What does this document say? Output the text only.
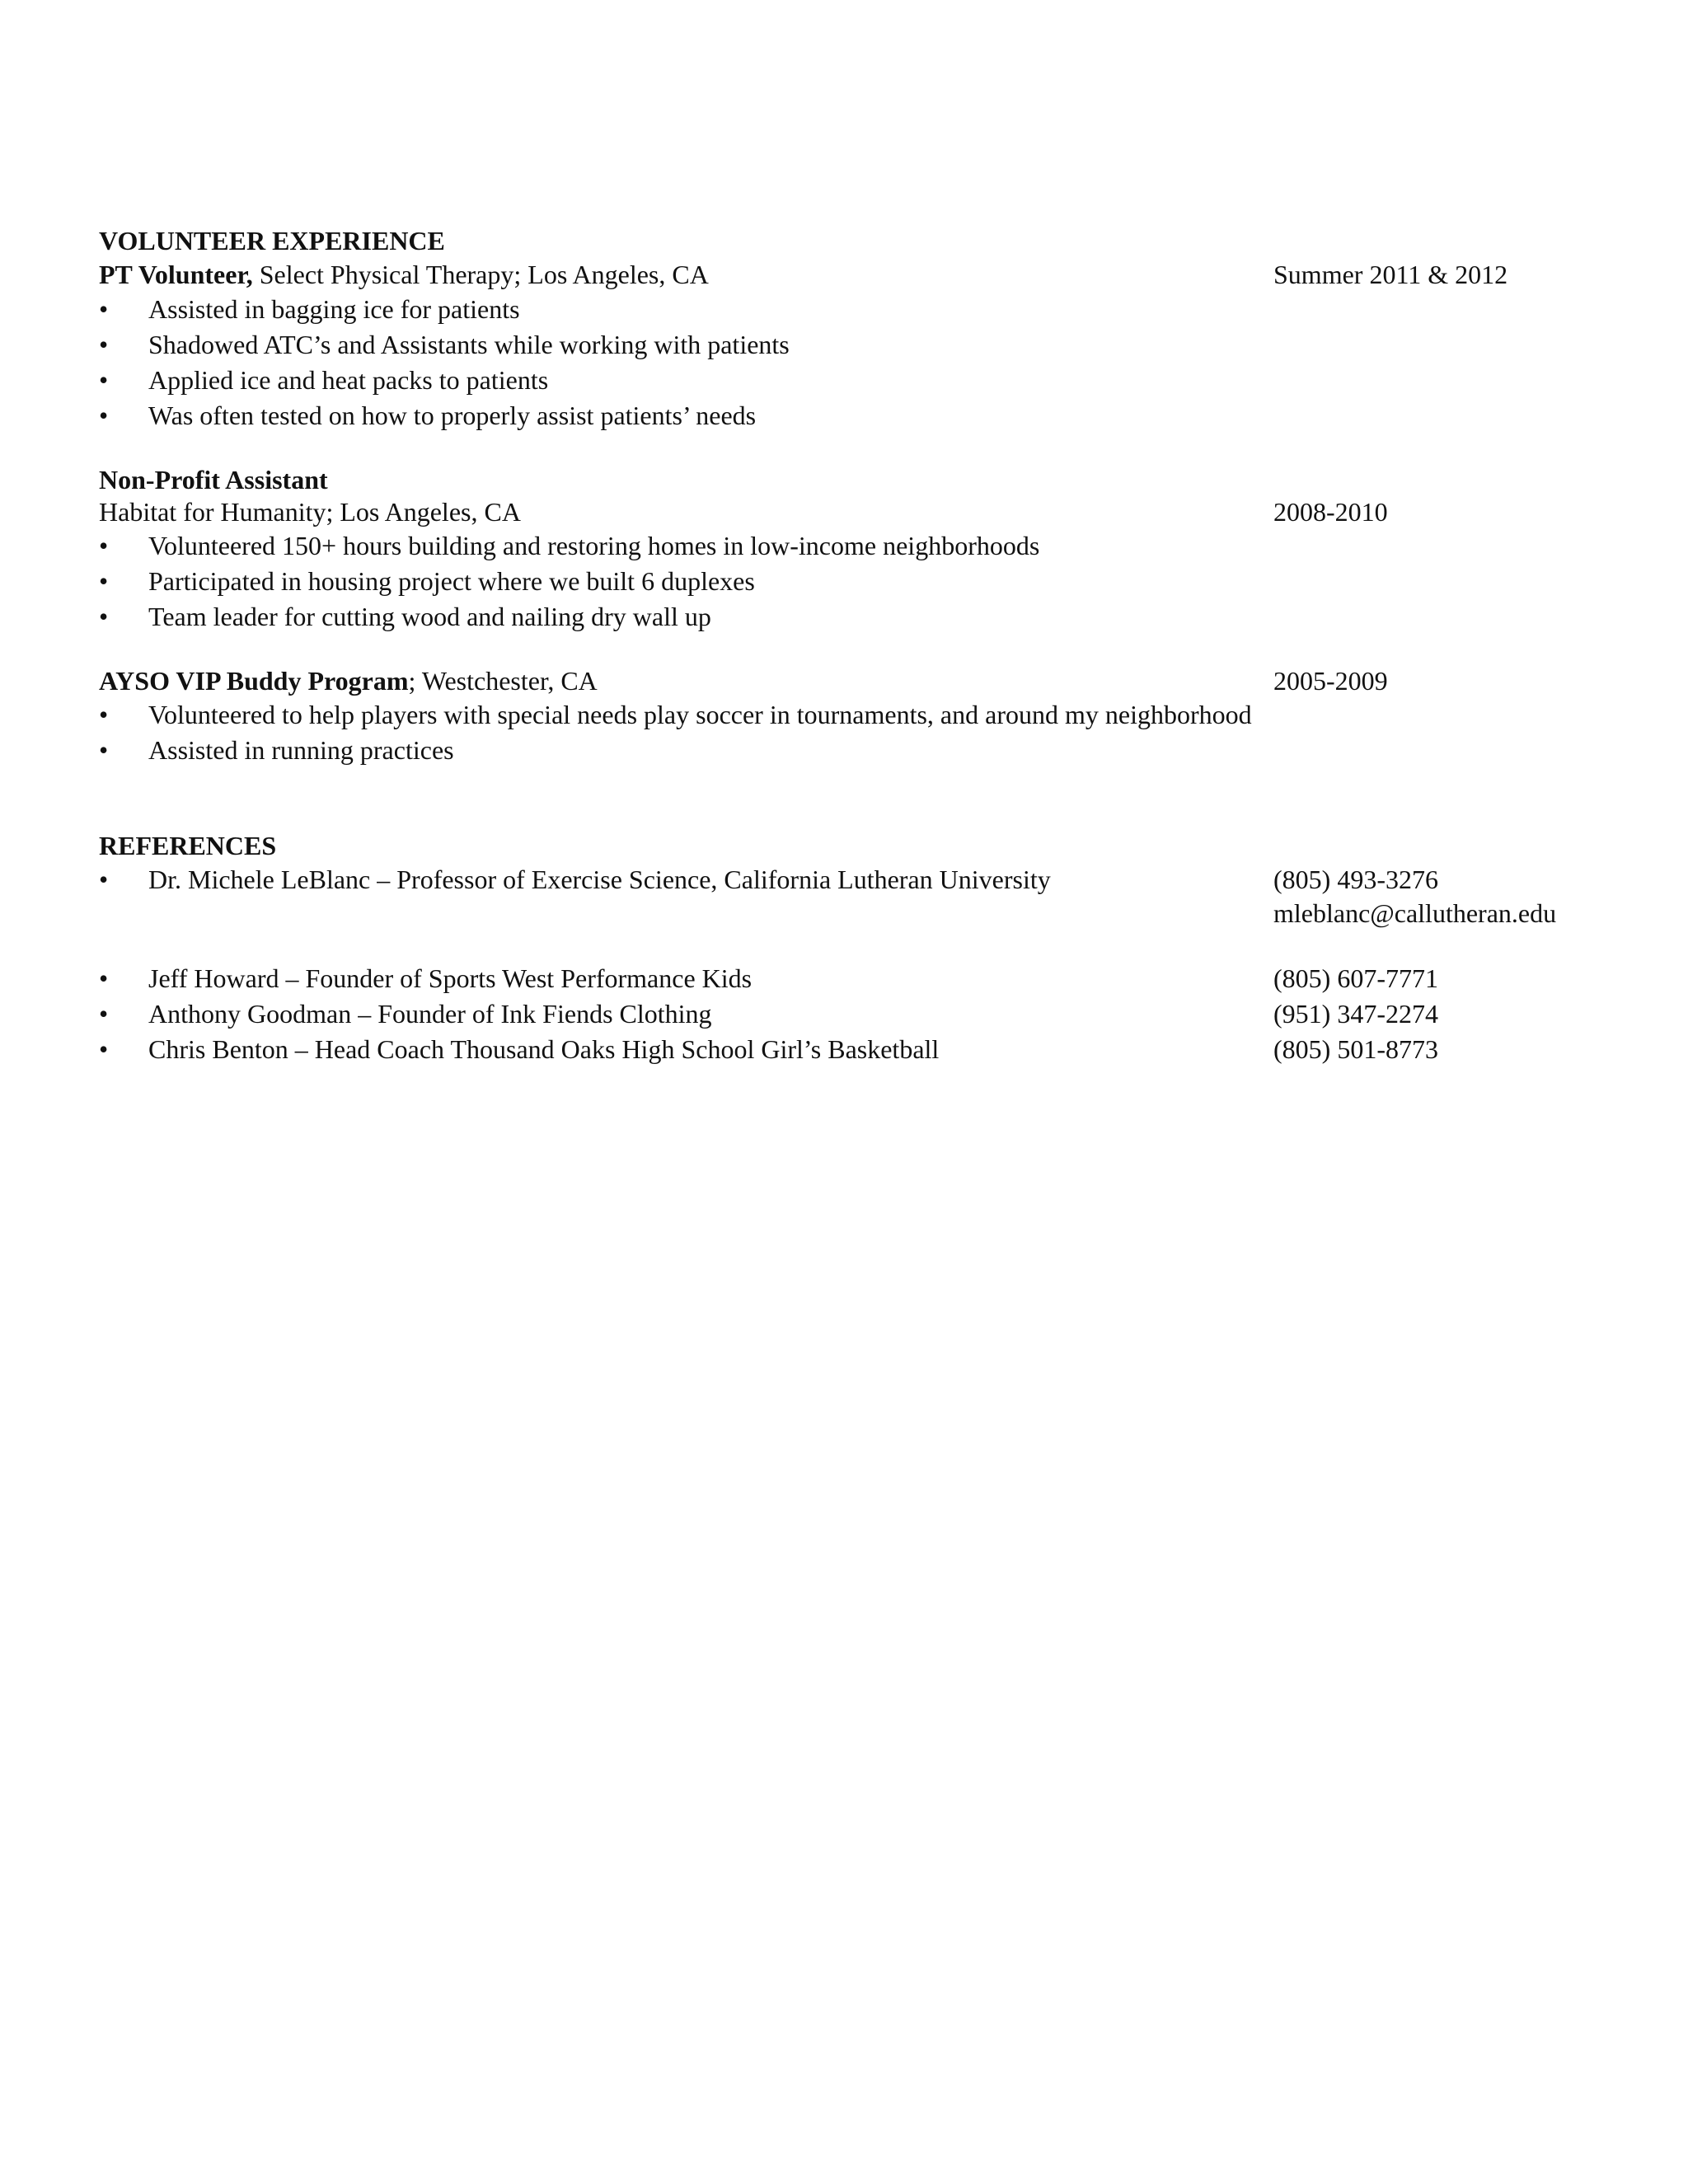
VOLUNTEER EXPERIENCE
PT Volunteer, Select Physical Therapy; Los Angeles, CA	Summer 2011 & 2012
•	Assisted in bagging ice for patients
•	Shadowed ATC’s and Assistants while working with patients
•	Applied ice and heat packs to patients
•	Was often tested on how to properly assist patients’ needs
Non-Profit Assistant
Habitat for Humanity; Los Angeles, CA	2008-2010
•	Volunteered 150+ hours building and restoring homes in low-income neighborhoods
•	Participated in housing project where we built 6 duplexes
•	Team leader for cutting wood and nailing dry wall up
AYSO VIP Buddy Program; Westchester, CA	2005-2009
•	Volunteered to help players with special needs play soccer in tournaments, and around my neighborhood
•	Assisted in running practices
REFERENCES
•	Dr. Michele LeBlanc – Professor of Exercise Science, California Lutheran University	(805) 493-3276
mleblanc@callutheran.edu
•	Jeff Howard – Founder of Sports West Performance Kids	(805) 607-7771
•	Anthony Goodman – Founder of Ink Fiends Clothing	(951) 347-2274
•	Chris Benton – Head Coach Thousand Oaks High School Girl’s Basketball	(805) 501-8773
